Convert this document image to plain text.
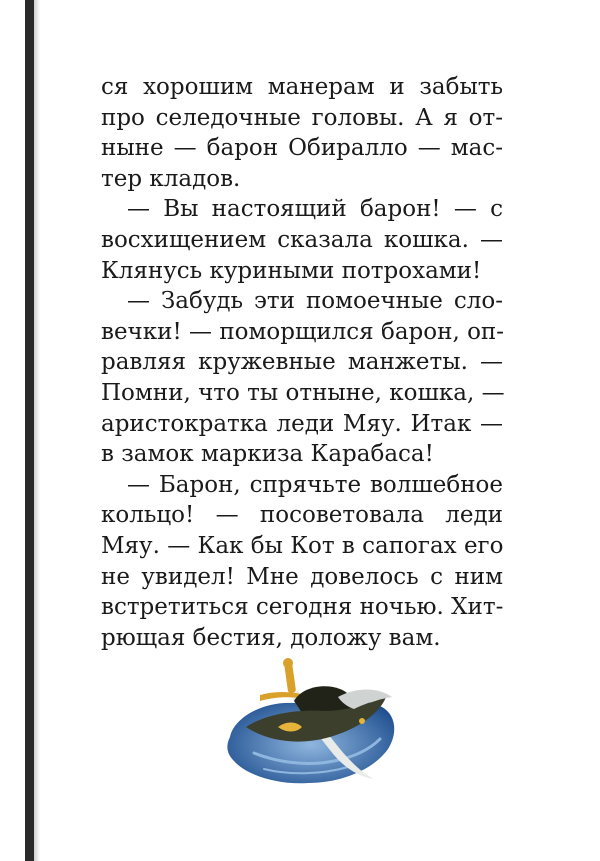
ся хорошим манерам и забыть
про селедочные головы. А я от-
ныне — барон Обиралло — мас-
тер кладов.
— Вы настоящий барон! — с
восхищением сказала кошка. —
Клянусь куриными потрохами!
— Забудь эти помоечные сло-
вечки! — поморщился барон, оп-
равляя кружевные манжеты. —
Помни, что ты отныне, кошка, —
аристократка леди Мяу. Итак —
в замок маркиза Карабаса!
— Барон, спрячьте волшебное
кольцо! — посоветовала леди
Мяу. — Как бы Кот в сапогах его
не увидел! Мне довелось с ним
встретиться сегодня ночью. Хит-
рющая бестия, доложу вам.
